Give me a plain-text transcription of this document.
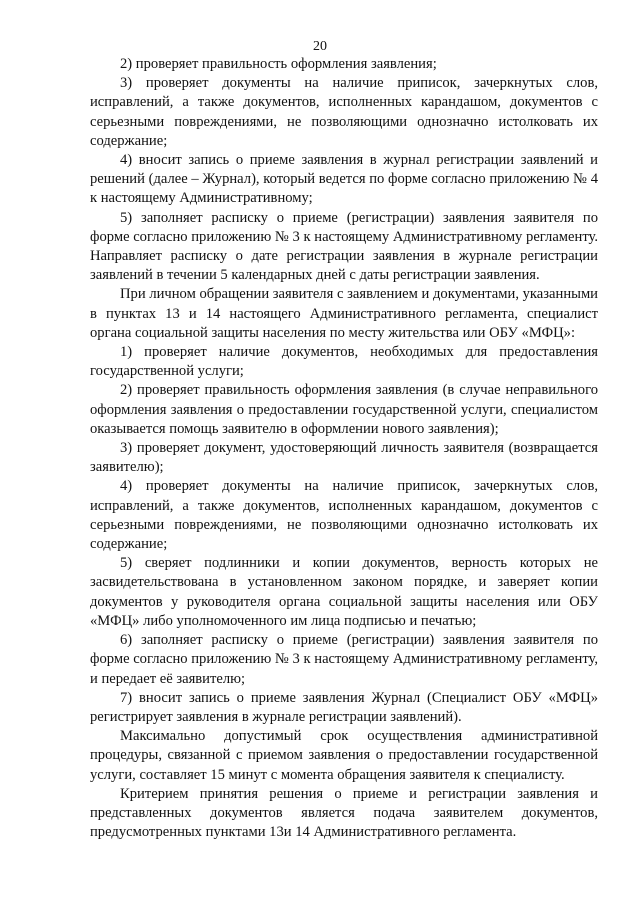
20

2) проверяет правильность оформления заявления;

3) проверяет документы на наличие приписок, зачеркнутых слов, исправлений, а также документов, исполненных карандашом, документов с серьезными повреждениями, не позволяющими однозначно истолковать их содержание;

4) вносит запись о приеме заявления в журнал регистрации заявлений и решений (далее – Журнал), который ведется по форме согласно приложению № 4 к настоящему Административному;

5) заполняет расписку о приеме (регистрации) заявления заявителя по форме согласно приложению № 3 к настоящему Административному регламенту. Направляет расписку о дате регистрации заявления в журнале регистрации заявлений в течении 5 календарных дней с даты регистрации заявления.

При личном обращении заявителя с заявлением и документами, указанными в пунктах 13 и 14 настоящего Административного регламента, специалист органа социальной защиты населения по месту жительства или ОБУ «МФЦ»:

1) проверяет наличие документов, необходимых для предоставления государственной услуги;

2) проверяет правильность оформления заявления (в случае неправильного оформления заявления о предоставлении государственной услуги, специалистом оказывается помощь заявителю в оформлении нового заявления);

3) проверяет документ, удостоверяющий личность заявителя (возвращается заявителю);

4) проверяет документы на наличие приписок, зачеркнутых слов, исправлений, а также документов, исполненных карандашом, документов с серьезными повреждениями, не позволяющими однозначно истолковать их содержание;

5) сверяет подлинники и копии документов, верность которых не засвидетельствована в установленном законом порядке, и заверяет копии документов у руководителя органа социальной защиты населения или ОБУ «МФЦ» либо уполномоченного им лица подписью и печатью;

6) заполняет расписку о приеме (регистрации) заявления заявителя по форме согласно приложению № 3 к настоящему Административному регламенту, и передает её заявителю;

7) вносит запись о приеме заявления Журнал (Специалист ОБУ «МФЦ» регистрирует заявления в журнале регистрации заявлений).

Максимально допустимый срок осуществления административной процедуры, связанной с приемом заявления о предоставлении государственной услуги, составляет 15 минут с момента обращения заявителя к специалисту.

Критерием принятия решения о приеме и регистрации заявления и представленных документов является подача заявителем документов, предусмотренных пунктами 13и 14 Административного регламента.
